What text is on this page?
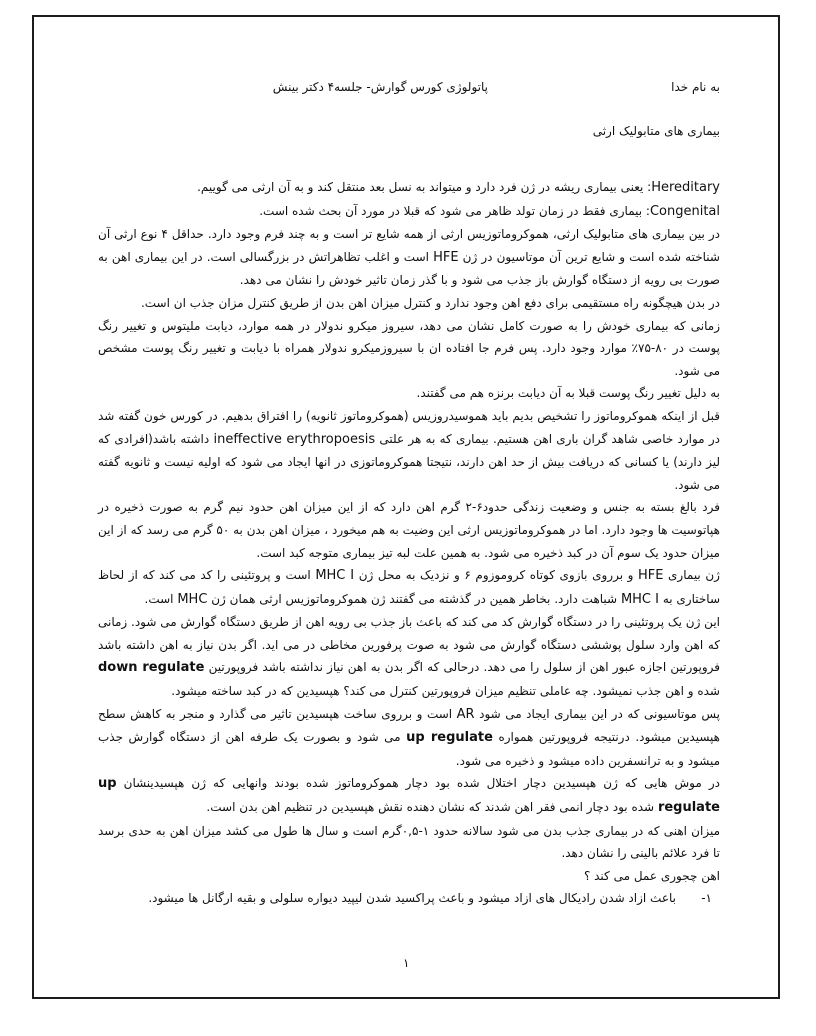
به نام خدا
پاتولوژی کورس گوارش- جلسه۴ دکتر بینش
بیماری های متابولیک ارثی

Hereditary: یعنی بیماری ریشه در ژن فرد دارد و میتواند به نسل بعد منتقل کند و به آن ارثی می گوییم.

Congenital: بیماری فقط در زمان تولد ظاهر می شود که قبلا در مورد آن بحث شده است.

در بین بیماری های متابولیک ارثی، هموکروماتوزیس ارثی از همه شایع تر است و به چند فرم وجود دارد. حداقل ۴ نوع ارثی آن شناخته شده است و شایع ترین آن موتاسیون در ژن HFE است و اغلب تظاهراتش در بزرگسالی است. در این بیماری اهن به صورت بی رویه از دستگاه گوارش باز جذب می شود و با گذر زمان تاثیر خودش را نشان می دهد.

در بدن هیچگونه راه مستقیمی برای دفع اهن وجود ندارد و کنترل میزان اهن بدن از طریق کنترل مزان جذب ان است.

زمانی که بیماری خودش را به صورت کامل نشان می دهد، سیروز میکرو ندولار در همه موارد، دیابت ملیتوس و تغییر رنگ پوست در ۸۰-۷۵٪ موارد وجود دارد. پس فرم جا افتاده ان با سیروزمیکرو ندولار همراه با دیابت و تغییر رنگ پوست مشخص می شود.

به دلیل تغییر رنگ پوست قبلا به آن دیابت برنزه هم می گفتند.

قبل از اینکه هموکروماتوز را تشخیص بدیم باید هموسیدروزیس (هموکروماتوز ثانویه) را افتراق بدهیم. در کورس خون گفته شد در موارد خاصی شاهد گران باری اهن هستیم. بیماری که به هر علتی ineffective erythropoesis داشته باشد(افرادی که لیز دارند) یا کسانی که دریافت بیش از حد اهن دارند، نتیجتا هموکروماتوزی در انها ایجاد می شود که اولیه نیست و ثانویه گفته می شود.

فرد بالغ بسته به جنس و وضعیت زندگی حدود۶-۲ گرم اهن دارد که از این میزان اهن حدود نیم گرم به صورت ذخیره در هپاتوسیت ها وجود دارد. اما در هموکروماتوزیس ارثی این وضیت به هم میخورد ، میزان اهن بدن به ۵۰ گرم می رسد که از این میزان حدود یک سوم آن در کبد ذخیره می شود. به همین علت لبه تیز بیماری متوجه کبد است.

ژن بیماری HFE و برروی بازوی کوتاه کروموزوم ۶ و نزدیک به محل ژن MHC I است و پروتئینی را کد می کند که از لحاظ ساختاری به MHC I شباهت دارد. بخاطر همین در گذشته می گفتند ژن هموکروماتوزیس ارثی همان ژن MHC است.

این ژن یک پروتئینی را در دستگاه گوارش کد می کند که باعث باز جذب بی رویه اهن از طریق دستگاه گوارش می شود. زمانی که اهن وارد سلول پوششی دستگاه گوارش می شود به صوت پرفورین مخاطی در می اید. اگر بدن نیاز به اهن داشته باشد فروپورتین اجازه عبور اهن از سلول را می دهد. درحالی که اگر بدن به اهن نیاز نداشته باشد فروپورتین down regulate شده و اهن جذب نمیشود. چه عاملی تنظیم میزان فروپورتین کنترل می کند؟ هپسیدین که در کبد ساخته میشود.

پس موتاسیونی که در این بیماری ایجاد می شود AR است و برروی ساخت هپسیدین تاثیر می گذارد و منجر به کاهش سطح هپسیدین میشود. درنتیجه فروپورتین همواره up regulate می شود و بصورت یک طرفه اهن از دستگاه گوارش جذب میشود و به ترانسفرین داده میشود و ذخیره می شود.

در موش هایی که ژن هپسیدین دچار اختلال شده بود دچار هموکروماتوز شده بودند وانهایی که ژن هپسیدینشان up regulate شده بود دچار انمی فقر اهن شدند که نشان دهنده نقش هپسیدین در تنظیم اهن بدن است.

میزان اهنی که در بیماری جذب بدن می شود سالانه حدود ۱-۰,۵گرم است و سال ها طول می کشد میزان اهن به حدی برسد تا فرد علائم بالینی را نشان دهد.

اهن چجوری عمل می کند ؟

۱-
باعث ازاد شدن رادیکال های ازاد میشود و باعث پراکسید شدن لیپید دیواره سلولی و بقیه ارگانل ها میشود.

۱
